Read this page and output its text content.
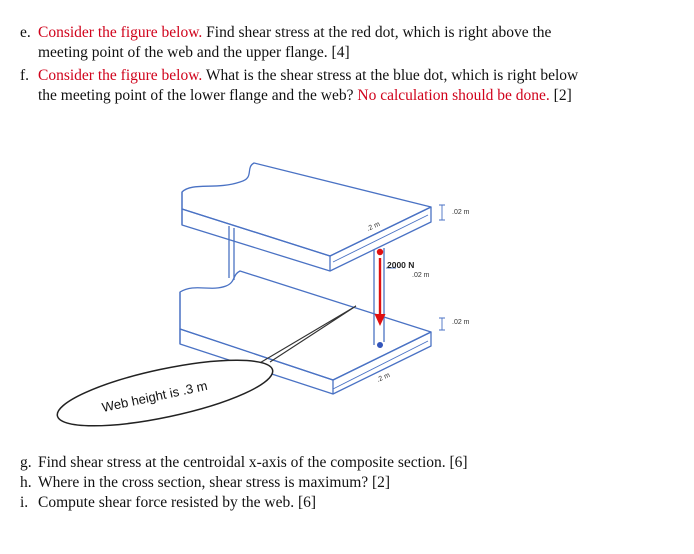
e. Consider the figure below. Find shear stress at the red dot, which is right above the
meeting point of the web and the upper flange. [4]
f. Consider the figure below. What is the shear stress at the blue dot, which is right below
the meeting point of the lower flange and the web? No calculation should be done. [2]
Web height is .3 m
2000 N
.02 m
.02 m
.02 m
.2 m
.2 m
g. Find shear stress at the centroidal x-axis of the composite section. [6]
h. Where in the cross section, shear stress is maximum? [2]
i. Compute shear force resisted by the web. [6]
